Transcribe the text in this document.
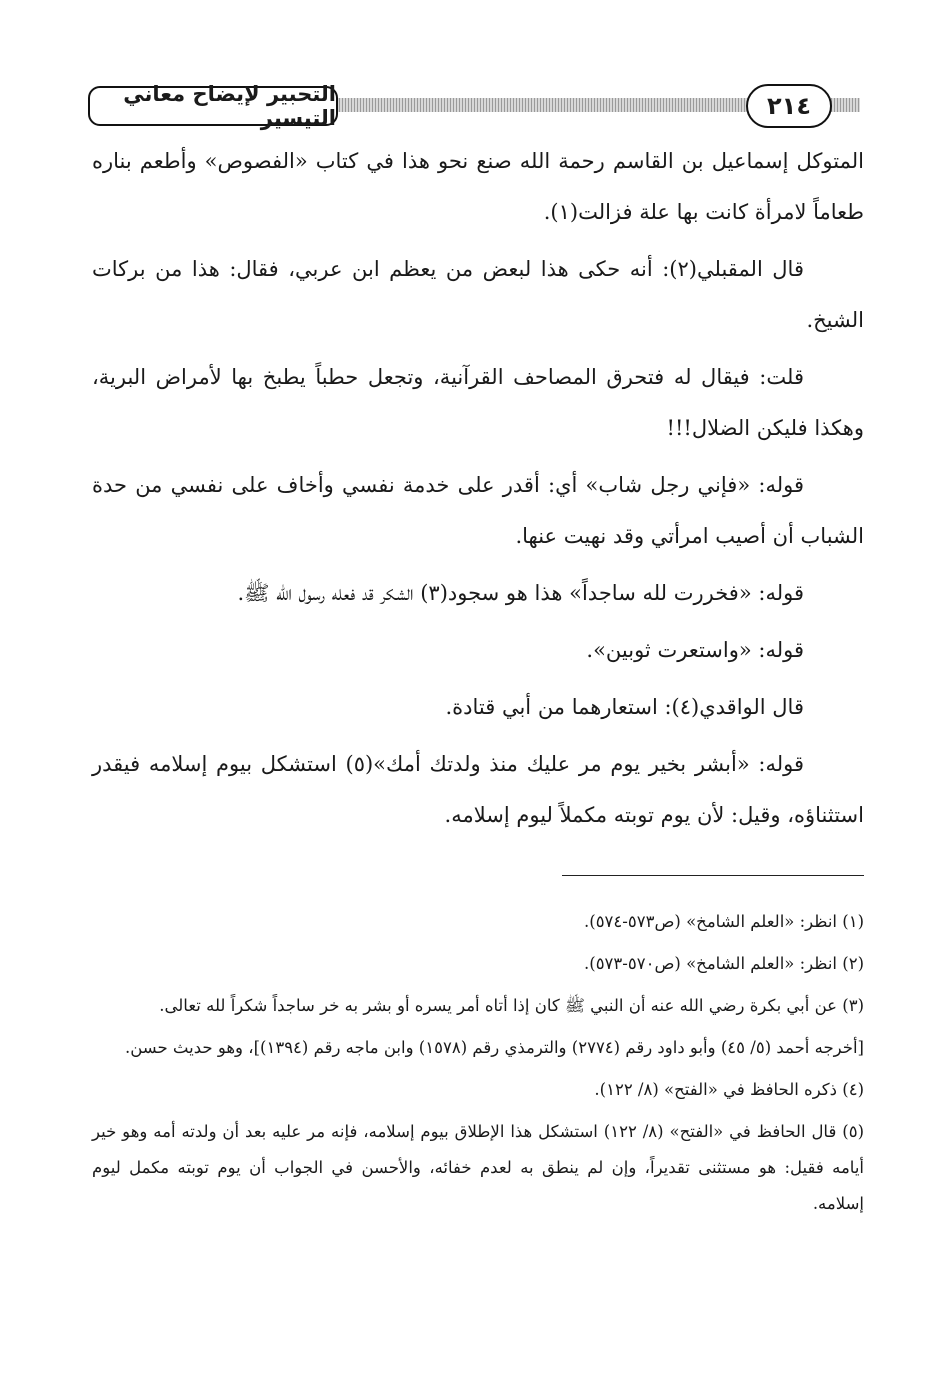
التحبير لإيضاح معاني التيسير	٢١٤

المتوكل إسماعيل بن القاسم رحمة الله صنع نحو هذا في كتاب «الفصوص» وأطعم بناره طعاماً لامرأة كانت بها علة فزالت(١).

قال المقبلي(٢): أنه حكى هذا لبعض من يعظم ابن عربي، فقال: هذا من بركات الشيخ.

قلت: فيقال له فتحرق المصاحف القرآنية، وتجعل حطباً يطبخ بها لأمراض البرية، وهكذا فليكن الضلال!!!

قوله: «فإني رجل شاب» أي: أقدر على خدمة نفسي وأخاف على نفسي من حدة الشباب أن أصيب امرأتي وقد نهيت عنها.

قوله: «فخررت لله ساجداً» هذا هو سجود(٣) الشكر قد فعله رسول الله ﷺ.

قوله: «واستعرت ثوبين».

قال الواقدي(٤): استعارهما من أبي قتادة.

قوله: «أبشر بخير يوم مر عليك منذ ولدتك أمك»(٥) استشكل بيوم إسلامه فيقدر استثناؤه، وقيل: لأن يوم توبته مكملاً ليوم إسلامه.

(١) انظر: «العلم الشامخ» (ص٥٧٣-٥٧٤).

(٢) انظر: «العلم الشامخ» (ص٥٧٠-٥٧٣).

(٣) عن أبي بكرة رضي الله عنه أن النبي ﷺ كان إذا أتاه أمر يسره أو بشر به خر ساجداً شكراً لله تعالى.

[أخرجه أحمد (٥/ ٤٥) وأبو داود رقم (٢٧٧٤) والترمذي رقم (١٥٧٨) وابن ماجه رقم (١٣٩٤)]، وهو حديث حسن.

(٤) ذكره الحافظ في «الفتح» (٨/ ١٢٢).

(٥) قال الحافظ في «الفتح» (٨/ ١٢٢) استشكل هذا الإطلاق بيوم إسلامه، فإنه مر عليه بعد أن ولدته أمه وهو خير أيامه فقيل: هو مستثنى تقديراً، وإن لم ينطق به لعدم خفائه، والأحسن في الجواب أن يوم توبته مكمل ليوم إسلامه.
